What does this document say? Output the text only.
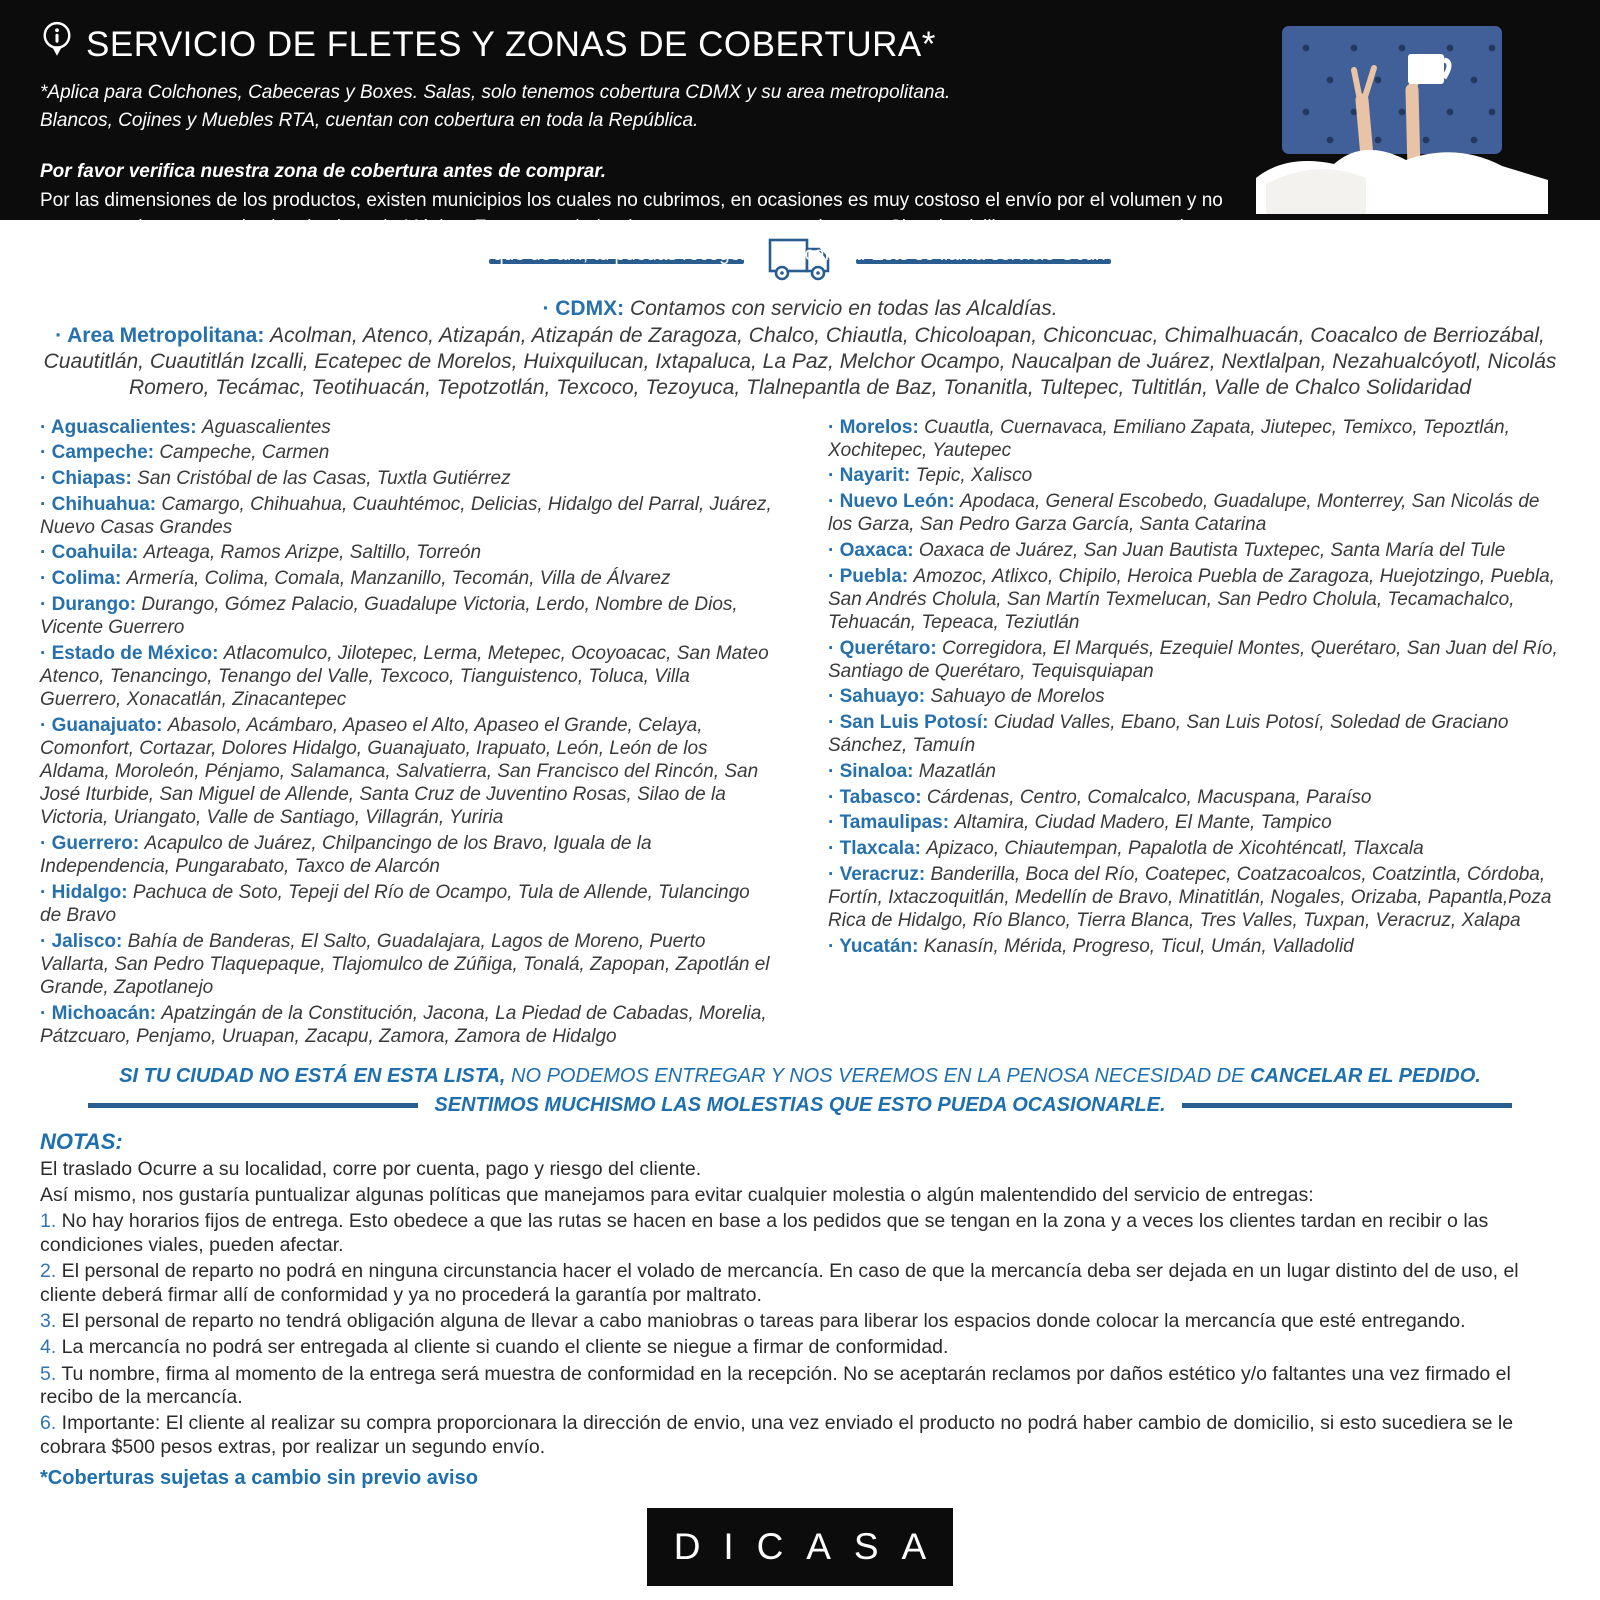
SERVICIO DE FLETES Y ZONAS DE COBERTURA*

*Aplica para Colchones, Cabeceras y Boxes. Salas, solo tenemos cobertura CDMX y su area metropolitana.

Blancos, Cojines y Muebles RTA, cuentan con cobertura en toda la República.

Por favor verifica nuestra zona de cobertura antes de comprar.

Por las dimensiones de los productos, existen municipios los cuales no cubrimos, en ocasiones es muy costoso el envío por el volumen y no tenemos cobertura a todos los destinos de México. Estamos trabajando para tener mayor cobertura. Si tu domicilio no se encuentra en la lista, lo podemos llevar a la ciudad más cercana para que de ahí, tú puedas recoger la mercancía. Esto se llama servicio Ocurre.

· CDMX: Contamos con servicio en todas las Alcaldías.

· Area Metropolitana: Acolman, Atenco, Atizapán, Atizapán de Zaragoza, Chalco, Chiautla, Chicoloapan, Chiconcuac, Chimalhuacán, Coacalco de Berriozábal, Cuautitlán, Cuautitlán Izcalli, Ecatepec de Morelos, Huixquilucan, Ixtapaluca, La Paz, Melchor Ocampo, Naucalpan de Juárez, Nextlalpan, Nezahualcóyotl, Nicolás Romero, Tecámac, Teotihuacán, Tepotzotlán, Texcoco, Tezoyuca, Tlalnepantla de Baz, Tonanitla, Tultepec, Tultitlán, Valle de Chalco Solidaridad

· Aguascalientes: Aguascalientes

· Campeche: Campeche, Carmen

· Chiapas: San Cristóbal de las Casas, Tuxtla Gutiérrez

· Chihuahua: Camargo, Chihuahua, Cuauhtémoc, Delicias, Hidalgo del Parral, Juárez, Nuevo Casas Grandes

· Coahuila: Arteaga, Ramos Arizpe, Saltillo, Torreón

· Colima: Armería, Colima, Comala, Manzanillo, Tecomán, Villa de Álvarez

· Durango: Durango, Gómez Palacio, Guadalupe Victoria, Lerdo, Nombre de Dios, Vicente Guerrero

· Estado de México: Atlacomulco, Jilotepec, Lerma, Metepec, Ocoyoacac, San Mateo Atenco, Tenancingo, Tenango del Valle, Texcoco, Tianguistenco, Toluca, Villa Guerrero, Xonacatlán, Zinacantepec

· Guanajuato: Abasolo, Acámbaro, Apaseo el Alto, Apaseo el Grande, Celaya, Comonfort, Cortazar, Dolores Hidalgo, Guanajuato, Irapuato, León, León de los Aldama, Moroleón, Pénjamo, Salamanca, Salvatierra, San Francisco del Rincón, San José Iturbide, San Miguel de Allende, Santa Cruz de Juventino Rosas, Silao de la Victoria, Uriangato, Valle de Santiago, Villagrán, Yuriria

· Guerrero: Acapulco de Juárez, Chilpancingo de los Bravo, Iguala de la Independencia, Pungarabato, Taxco de Alarcón

· Hidalgo: Pachuca de Soto, Tepeji del Río de Ocampo, Tula de Allende, Tulancingo de Bravo

· Jalisco: Bahía de Banderas, El Salto, Guadalajara, Lagos de Moreno, Puerto Vallarta, San Pedro Tlaquepaque, Tlajomulco de Zúñiga, Tonalá, Zapopan, Zapotlán el Grande, Zapotlanejo

· Michoacán: Apatzingán de la Constitución, Jacona, La Piedad de Cabadas, Morelia, Pátzcuaro, Penjamo, Uruapan, Zacapu, Zamora, Zamora de Hidalgo

· Morelos: Cuautla, Cuernavaca, Emiliano Zapata, Jiutepec, Temixco, Tepoztlán, Xochitepec, Yautepec

· Nayarit: Tepic, Xalisco

· Nuevo León: Apodaca, General Escobedo, Guadalupe, Monterrey, San Nicolás de los Garza, San Pedro Garza García, Santa Catarina

· Oaxaca: Oaxaca de Juárez, San Juan Bautista Tuxtepec, Santa María del Tule

· Puebla: Amozoc, Atlixco, Chipilo, Heroica Puebla de Zaragoza, Huejotzingo, Puebla, San Andrés Cholula, San Martín Texmelucan, San Pedro Cholula, Tecamachalco, Tehuacán, Tepeaca, Teziutlán

· Querétaro: Corregidora, El Marqués, Ezequiel Montes, Querétaro, San Juan del Río, Santiago de Querétaro, Tequisquiapan

· Sahuayo: Sahuayo de Morelos

· San Luis Potosí: Ciudad Valles, Ebano, San Luis Potosí, Soledad de Graciano Sánchez, Tamuín

· Sinaloa: Mazatlán

· Tabasco: Cárdenas, Centro, Comalcalco, Macuspana, Paraíso

· Tamaulipas: Altamira, Ciudad Madero, El Mante, Tampico

· Tlaxcala: Apizaco, Chiautempan, Papalotla de Xicohténcatl, Tlaxcala

· Veracruz: Banderilla, Boca del Río, Coatepec, Coatzacoalcos, Coatzintla, Córdoba, Fortín, Ixtaczoquitlán, Medellín de Bravo, Minatitlán, Nogales, Orizaba, Papantla,Poza Rica de Hidalgo, Río Blanco, Tierra Blanca, Tres Valles, Tuxpan, Veracruz, Xalapa

· Yucatán: Kanasín, Mérida, Progreso, Ticul, Umán, Valladolid

SI TU CIUDAD NO ESTÁ EN ESTA LISTA, NO PODEMOS ENTREGAR Y NOS VEREMOS EN LA PENOSA NECESIDAD DE CANCELAR EL PEDIDO.

SENTIMOS MUCHISMO LAS MOLESTIAS QUE ESTO PUEDA OCASIONARLE.
NOTAS:

El traslado Ocurre a su localidad, corre por cuenta, pago y riesgo del cliente.

Así mismo, nos gustaría puntualizar algunas políticas que manejamos para evitar cualquier molestia o algún malentendido del servicio de entregas:

1. No hay horarios fijos de entrega. Esto obedece a que las rutas se hacen en base a los pedidos que se tengan en la zona y a veces los clientes tardan en recibir o las condiciones viales, pueden afectar.

2. El personal de reparto no podrá en ninguna circunstancia hacer el volado de mercancía. En caso de que la mercancía deba ser dejada en un lugar distinto del de uso, el cliente deberá firmar allí de conformidad y ya no procederá la garantía por maltrato.

3. El personal de reparto no tendrá obligación alguna de llevar a cabo maniobras o tareas para liberar los espacios donde colocar la mercancía que esté entregando.

4. La mercancía no podrá ser entregada al cliente si cuando el cliente se niegue a firmar de conformidad.

5. Tu nombre, firma al momento de la entrega será muestra de conformidad en la recepción. No se aceptarán reclamos por daños estético y/o faltantes una vez firmado el recibo de la mercancía.

6. Importante: El cliente al realizar su compra proporcionara la dirección de envio, una vez enviado el producto no podrá haber cambio de domicilio, si esto sucediera se le cobrara $500 pesos extras, por realizar un segundo envío.

*Coberturas sujetas a cambio sin previo aviso

DICASA
